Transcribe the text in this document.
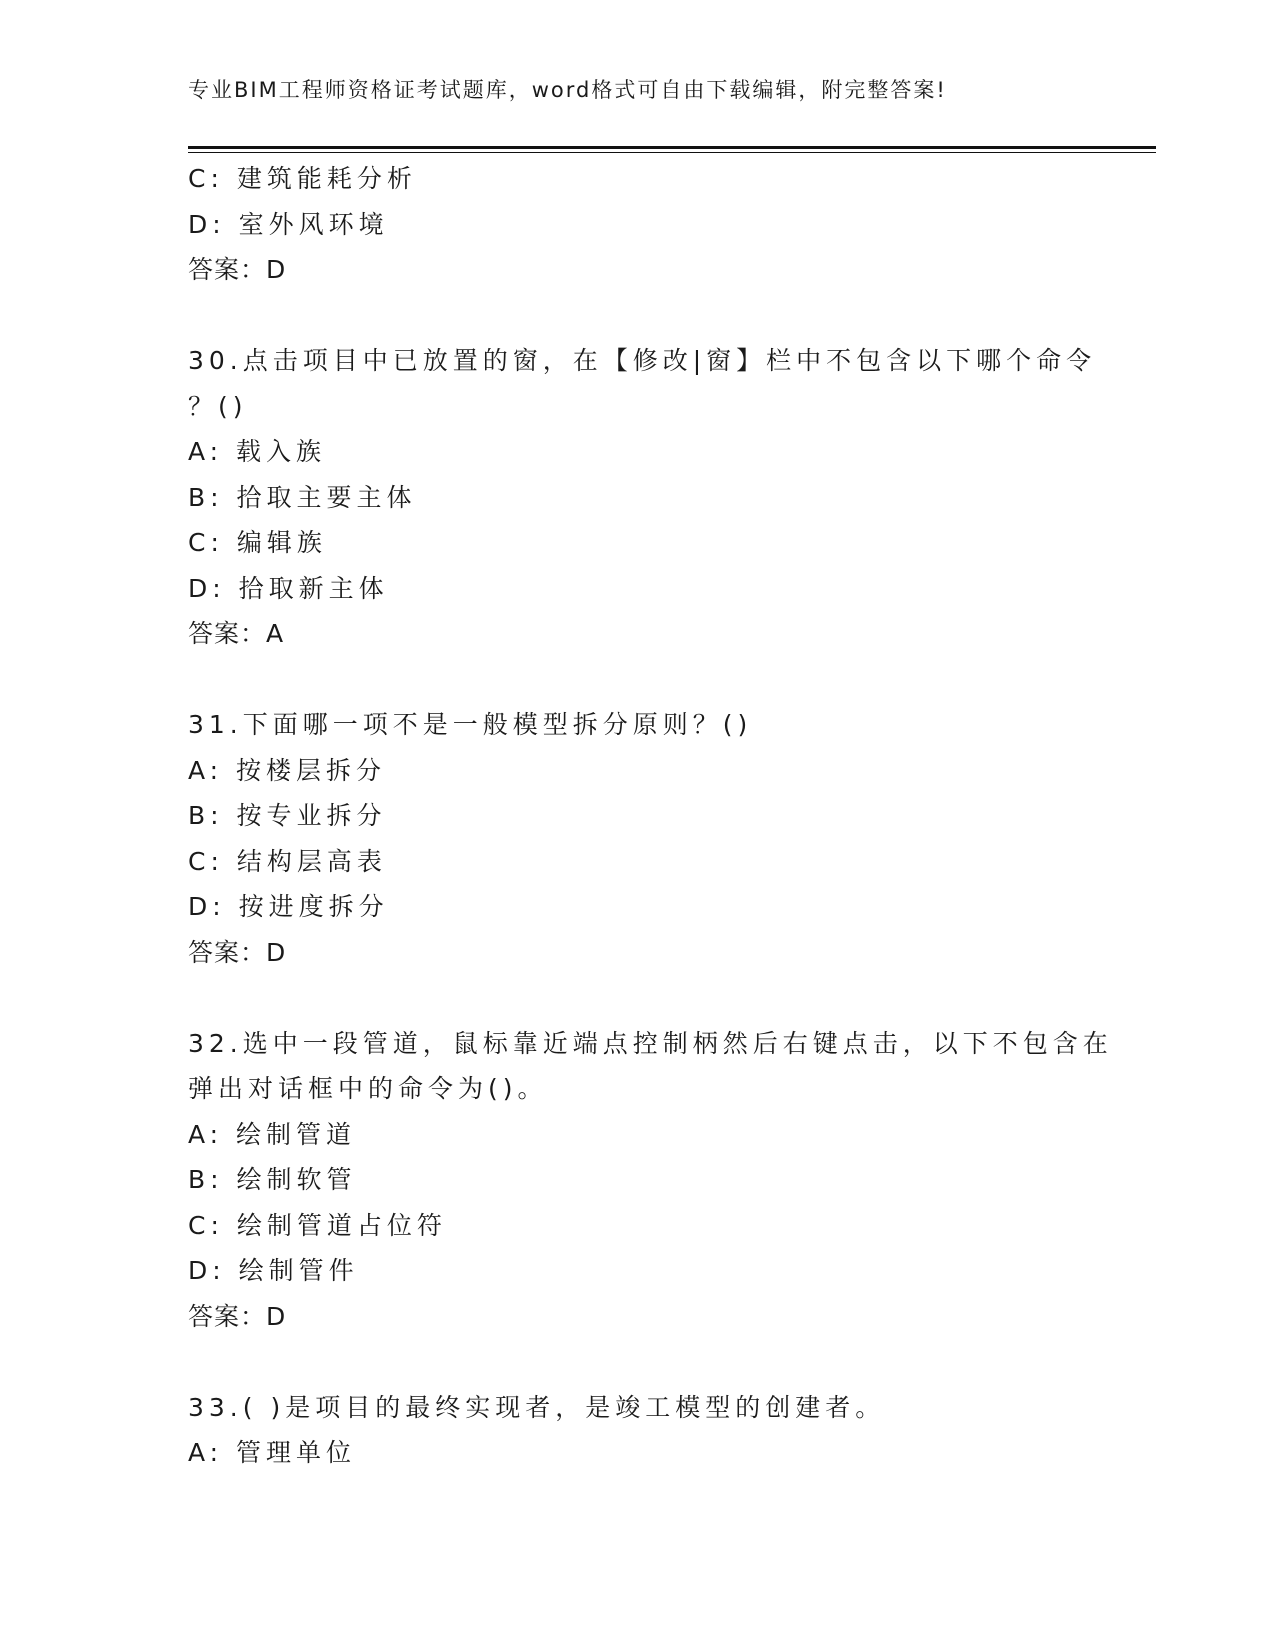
专业BIM工程师资格证考试题库，word格式可自由下载编辑，附完整答案!
C: 建筑能耗分析
D: 室外风环境
答案：D
30.点击项目中已放置的窗，在【修改|窗】栏中不包含以下哪个命令
？()
A: 载入族
B: 拾取主要主体
C: 编辑族
D: 拾取新主体
答案：A
31.下面哪一项不是一般模型拆分原则？()
A: 按楼层拆分
B: 按专业拆分
C: 结构层高表
D: 按进度拆分
答案：D
32.选中一段管道，鼠标靠近端点控制柄然后右键点击，以下不包含在
弹出对话框中的命令为()。
A: 绘制管道
B: 绘制软管
C: 绘制管道占位符
D: 绘制管件
答案：D
33.( )是项目的最终实现者，是竣工模型的创建者。
A: 管理单位
